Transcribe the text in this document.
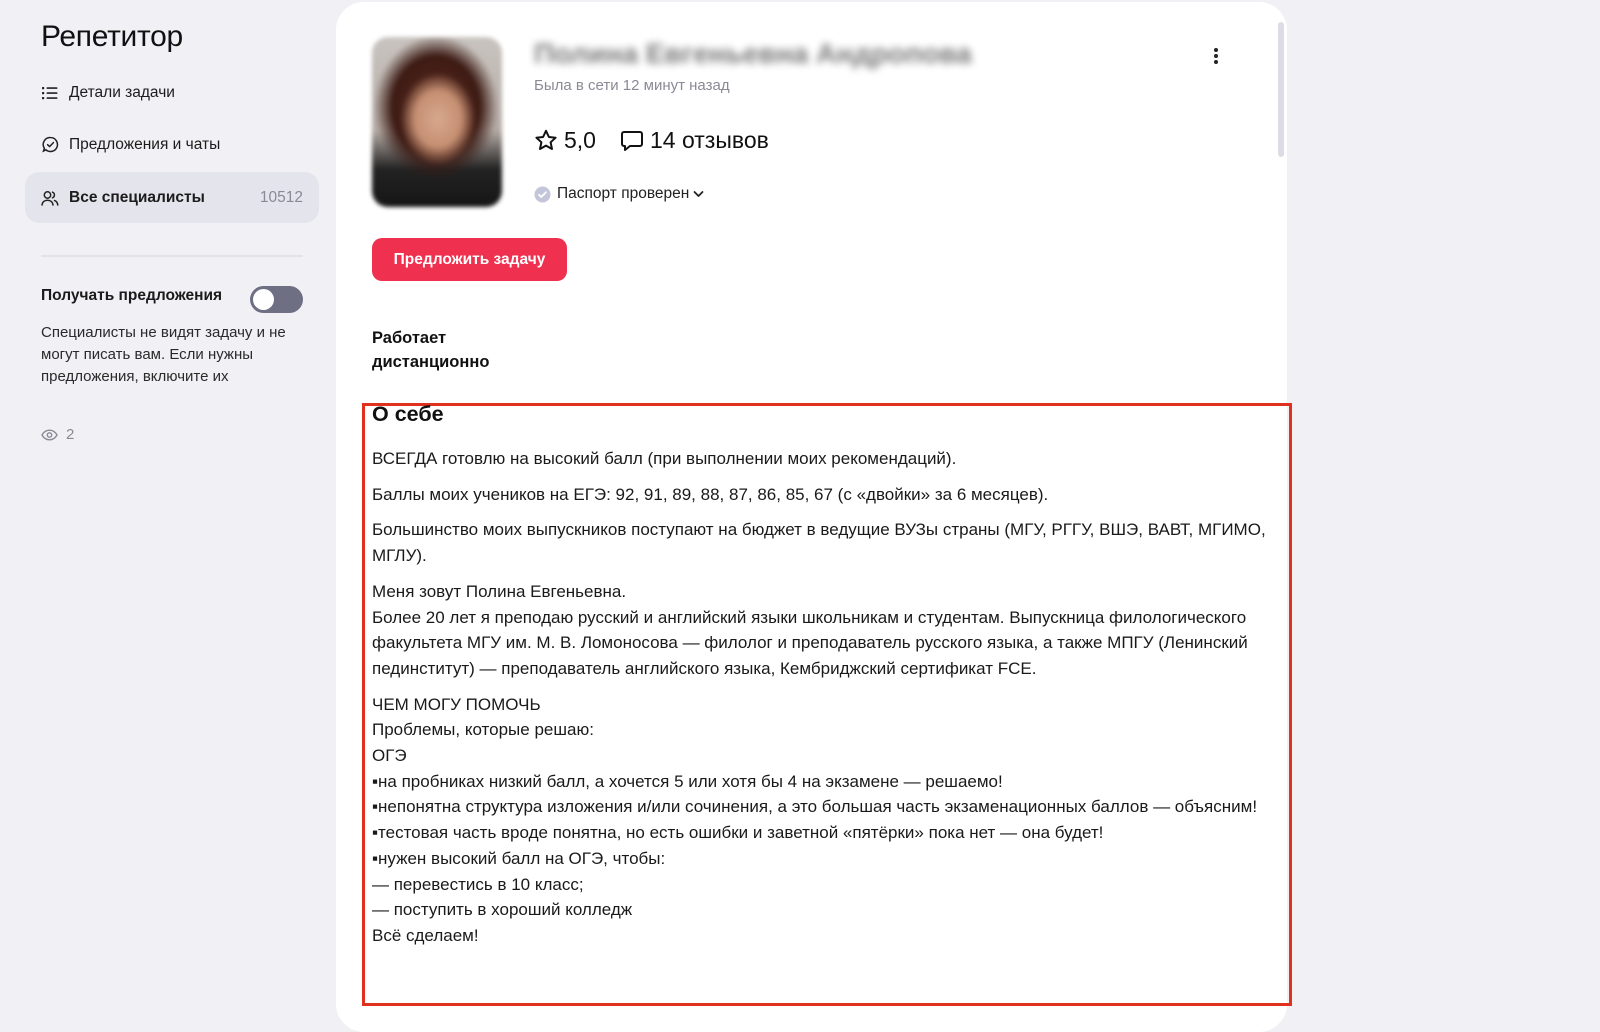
Репетитор
Детали задачи
Предложения и чаты
Все специалисты	10512
Получать предложения
Специалисты не видят задачу и не могут писать вам. Если нужны предложения, включите их
2
Полина Евгеньевна Андропова
Была в сети 12 минут назад
5,0 14 отзывов
Паспорт проверен
Предложить задачу
Работает дистанционно
О себе

ВСЕГДА готовлю на высокий балл (при выполнении моих рекомендаций).

Баллы моих учеников на ЕГЭ: 92, 91, 89, 88, 87, 86, 85, 67 (с «двойки» за 6 месяцев).

Большинство моих выпускников поступают на бюджет в ведущие ВУЗы страны (МГУ, РГГУ, ВШЭ, ВАВТ, МГИМО, МГЛУ).

Меня зовут Полина Евгеньевна.
Более 20 лет я преподаю русский и английский языки школьникам и студентам. Выпускница филологического факультета МГУ им. М. В. Ломоносова — филолог и преподаватель русского языка, а также МПГУ (Ленинский пединститут) — преподаватель английского языка, Кембриджский сертификат FCE.

ЧЕМ МОГУ ПОМОЧЬ
Проблемы, которые решаю:
ОГЭ
▪на пробниках низкий балл, а хочется 5 или хотя бы 4 на экзамене — решаемо!
▪непонятна структура изложения и/или сочинения, а это большая часть экзаменационных баллов — объясним!
▪тестовая часть вроде понятна, но есть ошибки и заветной «пятёрки» пока нет — она будет!
▪нужен высокий балл на ОГЭ, чтобы:
— перевестись в 10 класс;
— поступить в хороший колледж
Всё сделаем!
